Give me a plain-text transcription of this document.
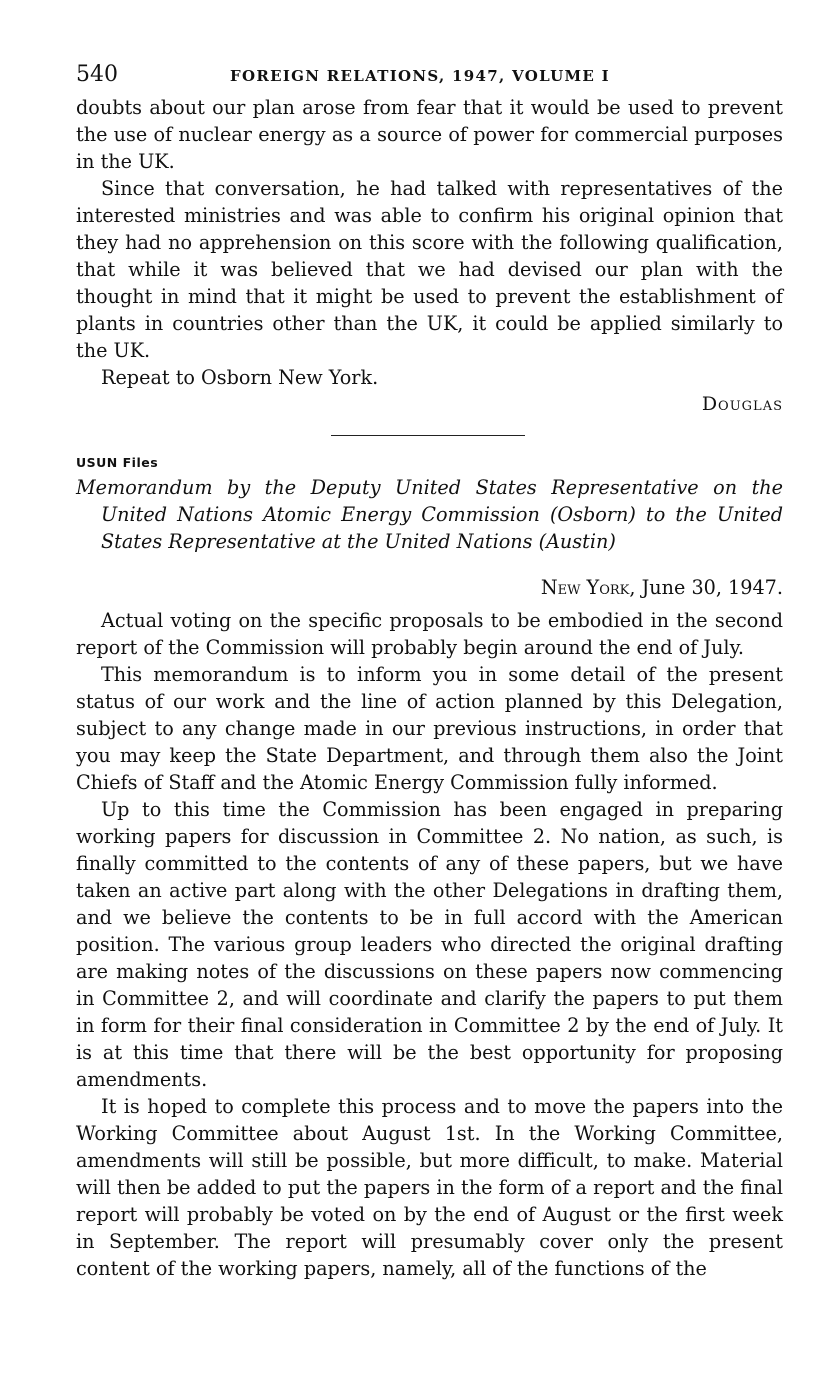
540	FOREIGN RELATIONS, 1947, VOLUME I

doubts about our plan arose from fear that it would be used to prevent the use of nuclear energy as a source of power for commercial purposes in the UK.

Since that conversation, he had talked with representatives of the interested ministries and was able to confirm his original opinion that they had no apprehension on this score with the following qualification, that while it was believed that we had devised our plan with the thought in mind that it might be used to prevent the establishment of plants in countries other than the UK, it could be applied similarly to the UK.

Repeat to Osborn New York.

Douglas

USUN Files

Memorandum by the Deputy United States Representative on the United Nations Atomic Energy Commission (Osborn) to the United States Representative at the United Nations (Austin)

New York, June 30, 1947.

Actual voting on the specific proposals to be embodied in the second report of the Commission will probably begin around the end of July.

This memorandum is to inform you in some detail of the present status of our work and the line of action planned by this Delegation, subject to any change made in our previous instructions, in order that you may keep the State Department, and through them also the Joint Chiefs of Staff and the Atomic Energy Commission fully informed.

Up to this time the Commission has been engaged in preparing working papers for discussion in Committee 2. No nation, as such, is finally committed to the contents of any of these papers, but we have taken an active part along with the other Delegations in drafting them, and we believe the contents to be in full accord with the American position. The various group leaders who directed the original drafting are making notes of the discussions on these papers now commencing in Committee 2, and will coordinate and clarify the papers to put them in form for their final consideration in Committee 2 by the end of July. It is at this time that there will be the best opportunity for proposing amendments.

It is hoped to complete this process and to move the papers into the Working Committee about August 1st. In the Working Committee, amendments will still be possible, but more difficult, to make. Material will then be added to put the papers in the form of a report and the final report will probably be voted on by the end of August or the first week in September. The report will presumably cover only the present content of the working papers, namely, all of the functions of the
